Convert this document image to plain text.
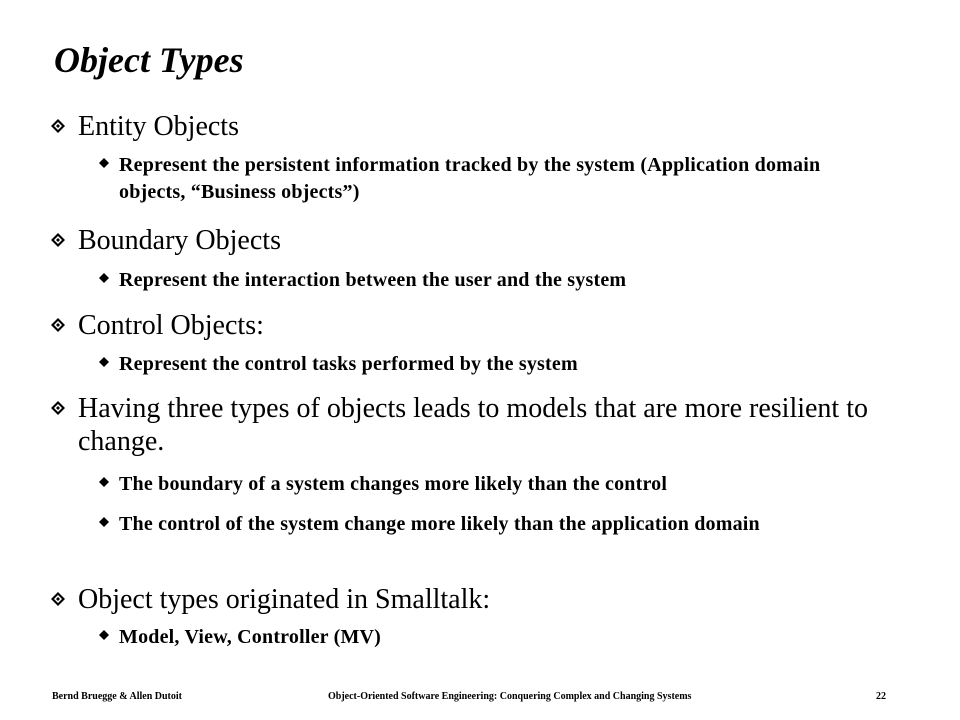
Object Types
Entity Objects
Represent the persistent information tracked by the system (Application domain objects, “Business objects”)
Boundary Objects
Represent the interaction between the user and the system
Control Objects:
Represent the control tasks performed by the system
Having three types of objects leads to models that are more resilient to change.
The boundary of a system changes more likely than the control
The control of the system change more likely than the application domain
Object types originated in Smalltalk:
Model, View, Controller (MV)
Bernd Bruegge & Allen Dutoit	Object-Oriented Software Engineering: Conquering Complex and Changing Systems	22
